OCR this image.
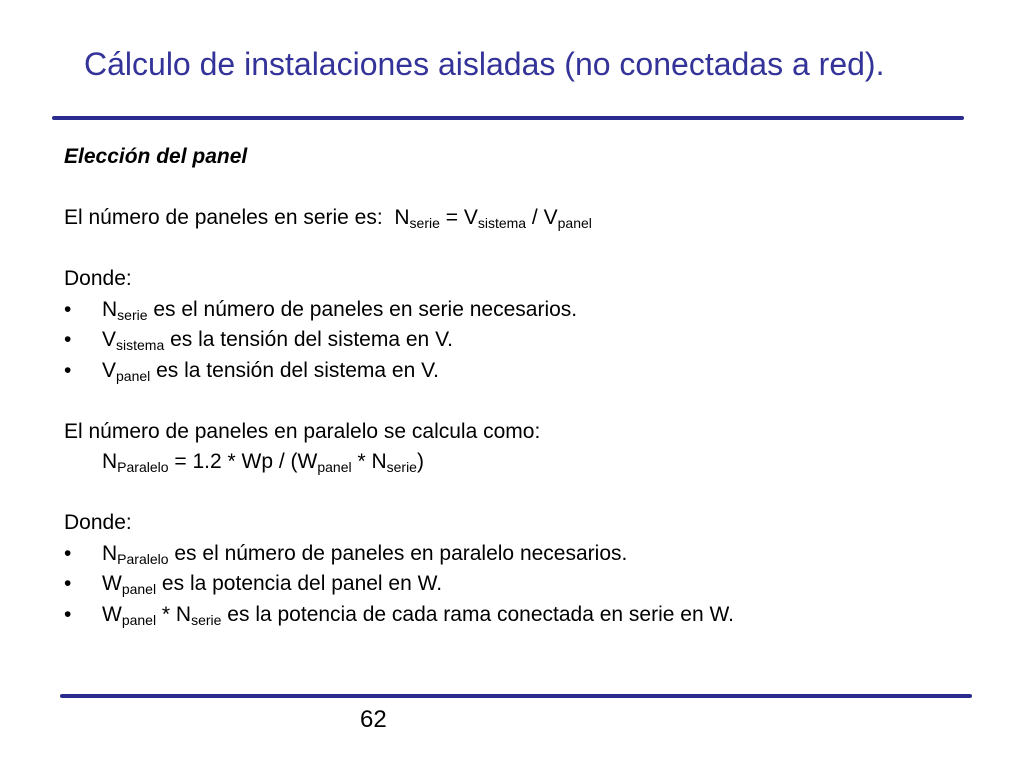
Cálculo de instalaciones aisladas (no conectadas a red).
Elección del panel
El número de paneles en serie es: $N_{serie} = V_{sistema} / V_{panel}$
Donde:
• $N_{serie}$ es el número de paneles en serie necesarios.
• $V_{sistema}$ es la tensión del sistema en V.
• $V_{panel}$ es la tensión del sistema en V.
El número de paneles en paralelo se calcula como:
$N_{Paralelo} = 1.2 * Wp / (W_{panel} * N_{serie})$
Donde:
• $N_{Paralelo}$ es el número de paneles en paralelo necesarios.
• $W_{panel}$ es la potencia del panel en W.
• $W_{panel} * N_{serie}$ es la potencia de cada rama conectada en serie en W.
62
